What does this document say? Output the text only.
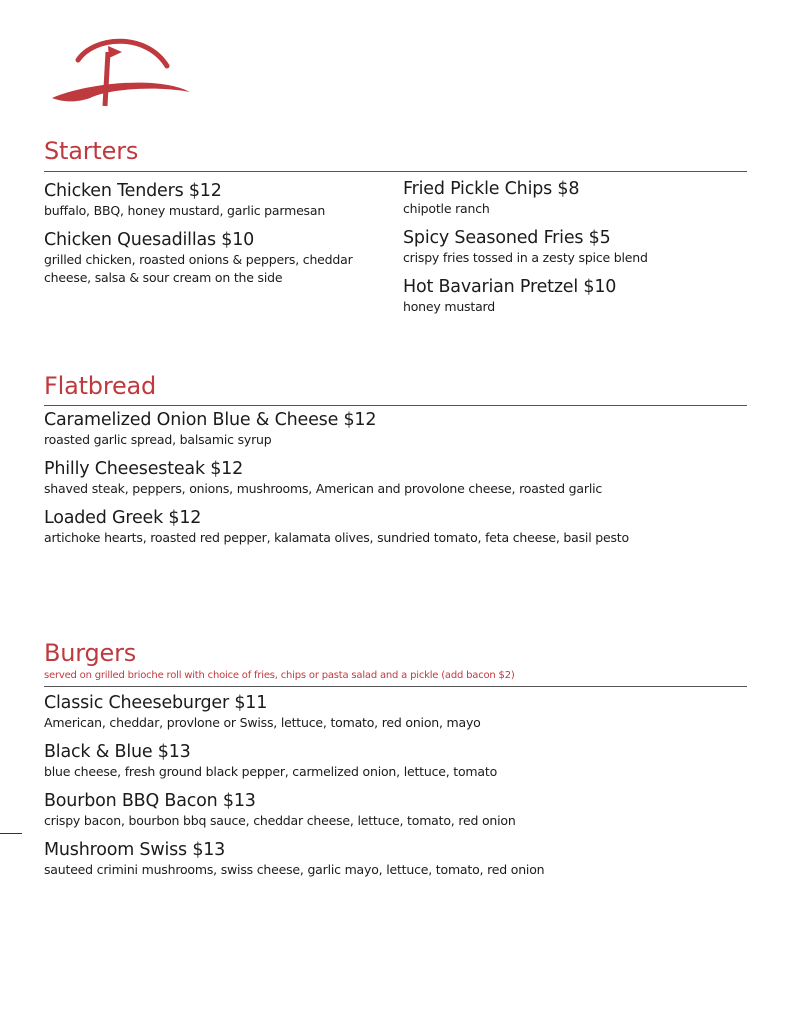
Starters
Chicken Tenders $12
buffalo, BBQ, honey mustard, garlic parmesan
Chicken Quesadillas $10
grilled chicken, roasted onions & peppers, cheddar cheese, salsa & sour cream on the side
Fried Pickle Chips $8
chipotle ranch
Spicy Seasoned Fries $5
crispy fries tossed in a zesty spice blend
Hot Bavarian Pretzel $10
honey mustard
Flatbread
Caramelized Onion Blue & Cheese $12
roasted garlic spread, balsamic syrup
Philly Cheesesteak $12
shaved steak, peppers, onions, mushrooms, American and provolone cheese, roasted garlic
Loaded Greek $12
artichoke hearts, roasted red pepper, kalamata olives, sundried tomato, feta cheese, basil pesto
Burgers

served on grilled brioche roll with choice of fries, chips or pasta salad and a pickle (add bacon $2)

Classic Cheeseburger $11
American, cheddar, provlone or Swiss, lettuce, tomato, red onion, mayo
Black & Blue $13
blue cheese, fresh ground black pepper, carmelized onion, lettuce, tomato
Bourbon BBQ Bacon $13
crispy bacon, bourbon bbq sauce, cheddar cheese, lettuce, tomato, red onion
Mushroom Swiss $13
sauteed crimini mushrooms, swiss cheese, garlic mayo, lettuce, tomato, red onion
